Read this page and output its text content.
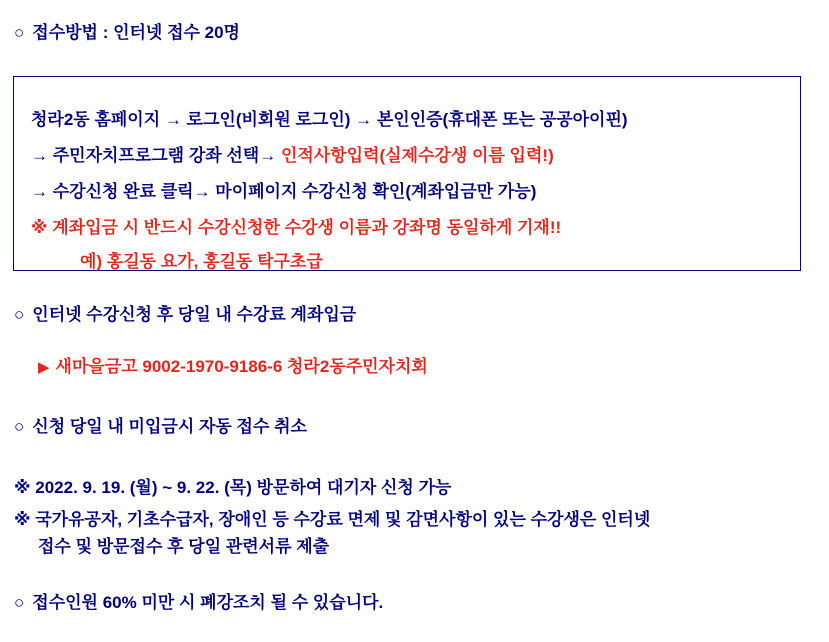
○ 접수방법 : 인터넷 접수 20명
청라2동 홈페이지 → 로그인(비회원 로그인) → 본인인증(휴대폰 또는 공공아이핀)
→ 주민자치프로그램 강좌 선택→ 인적사항입력(실제수강생 이름 입력!)
→ 수강신청 완료 클릭→ 마이페이지 수강신청 확인(계좌입금만 가능)
※ 계좌입금 시 반드시 수강신청한 수강생 이름과 강좌명 동일하게 기재!!
예) 홍길동 요가, 홍길동 탁구초급
○ 인터넷 수강신청 후 당일 내 수강료 계좌입금
▶ 새마을금고 9002-1970-9186-6 청라2동주민자치회
○ 신청 당일 내 미입금시 자동 접수 취소
※ 2022. 9. 19. (월) ~ 9. 22. (목) 방문하여 대기자 신청 가능
※ 국가유공자, 기초수급자, 장애인 등 수강료 면제 및 감면사항이 있는 수강생은 인터넷
접수 및 방문접수 후 당일 관련서류 제출
○ 접수인원 60% 미만 시 폐강조치 될 수 있습니다.
